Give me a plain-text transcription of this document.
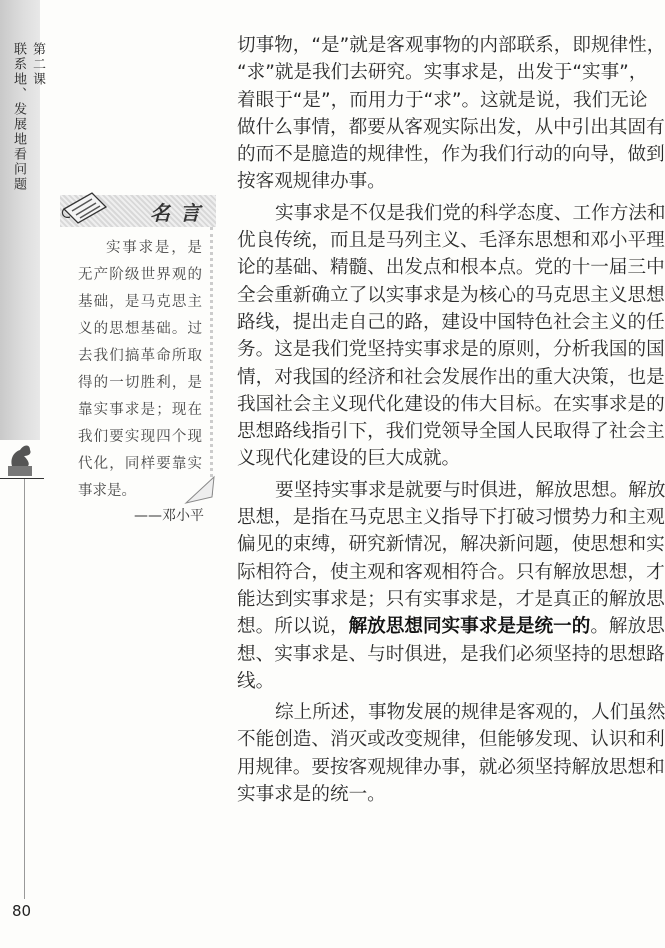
第二课
联系地、发展地看问题
80
名言
实事求是，是
无产阶级世界观的
基础，是马克思主
义的思想基础。过
去我们搞革命所取
得的一切胜利，是
靠实事求是；现在
我们要实现四个现
代化，同样要靠实
事求是。
——邓小平
切事物，“是”就是客观事物的内部联系，即规律性，
“求”就是我们去研究。实事求是，出发于“实事”，
着眼于“是”，而用力于“求”。这就是说，我们无论
做什么事情，都要从客观实际出发，从中引出其固有
的而不是臆造的规律性，作为我们行动的向导，做到
按客观规律办事。
实事求是不仅是我们党的科学态度、工作方法和
优良传统，而且是马列主义、毛泽东思想和邓小平理
论的基础、精髓、出发点和根本点。党的十一届三中
全会重新确立了以实事求是为核心的马克思主义思想
路线，提出走自己的路，建设中国特色社会主义的任
务。这是我们党坚持实事求是的原则，分析我国的国
情，对我国的经济和社会发展作出的重大决策，也是
我国社会主义现代化建设的伟大目标。在实事求是的
思想路线指引下，我们党领导全国人民取得了社会主
义现代化建设的巨大成就。
要坚持实事求是就要与时俱进，解放思想。解放
思想，是指在马克思主义指导下打破习惯势力和主观
偏见的束缚，研究新情况，解决新问题，使思想和实
际相符合，使主观和客观相符合。只有解放思想，才
能达到实事求是；只有实事求是，才是真正的解放思
想。所以说，解放思想同实事求是是统一的。解放思
想、实事求是、与时俱进，是我们必须坚持的思想路
线。
综上所述，事物发展的规律是客观的，人们虽然
不能创造、消灭或改变规律，但能够发现、认识和利
用规律。要按客观规律办事，就必须坚持解放思想和
实事求是的统一。
